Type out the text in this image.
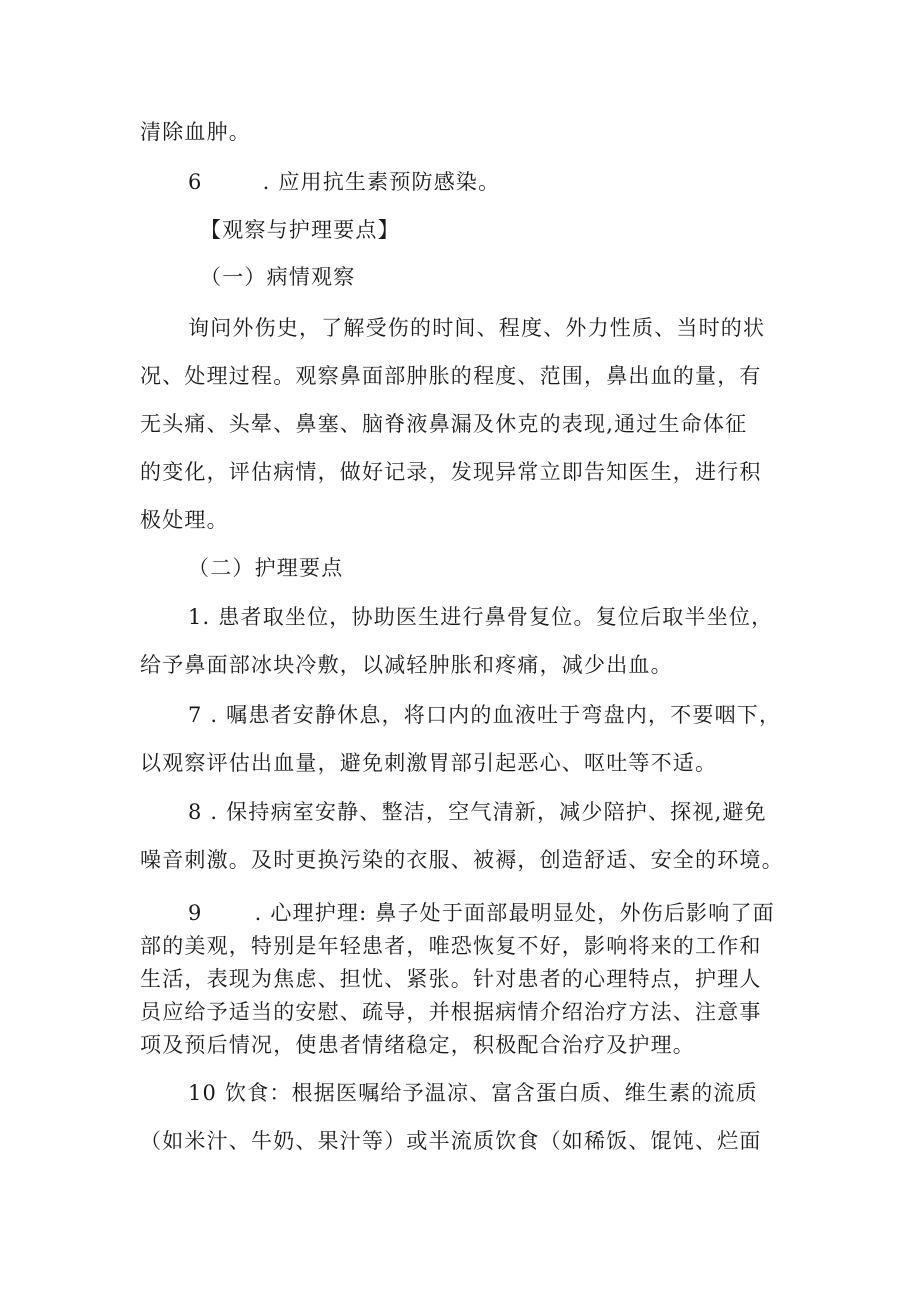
清除血肿。
6	. 应用抗生素预防感染。
【观察与护理要点】
（一）病情观察
询问外伤史，了解受伤的时间、程度、外力性质、当时的状
况、处理过程。观察鼻面部肿胀的程度、范围，鼻出血的量，有
无头痛、头晕、鼻塞、脑脊液鼻漏及休克的表现,通过生命体征
的变化，评估病情，做好记录，发现异常立即告知医生，进行积
极处理。
（二）护理要点
1. 患者取坐位，协助医生进行鼻骨复位。复位后取半坐位，
给予鼻面部冰块冷敷，以减轻肿胀和疼痛，减少出血。
7 . 嘱患者安静休息，将口内的血液吐于弯盘内，不要咽下，
以观察评估出血量，避免刺激胃部引起恶心、呕吐等不适。
8 . 保持病室安静、整洁，空气清新，减少陪护、探视,避免
噪音刺激。及时更换污染的衣服、被褥，创造舒适、安全的环境。
9 . 心理护理: 鼻子处于面部最明显处，外伤后影响了面
部的美观，特别是年轻患者，唯恐恢复不好，影响将来的工作和
生活，表现为焦虑、担忧、紧张。针对患者的心理特点，护理人
员应给予适当的安慰、疏导，并根据病情介绍治疗方法、注意事
项及预后情况，使患者情绪稳定，积极配合治疗及护理。
10 饮食：根据医嘱给予温凉、富含蛋白质、维生素的流质
（如米汁、牛奶、果汁等）或半流质饮食（如稀饭、馄饨、烂面
